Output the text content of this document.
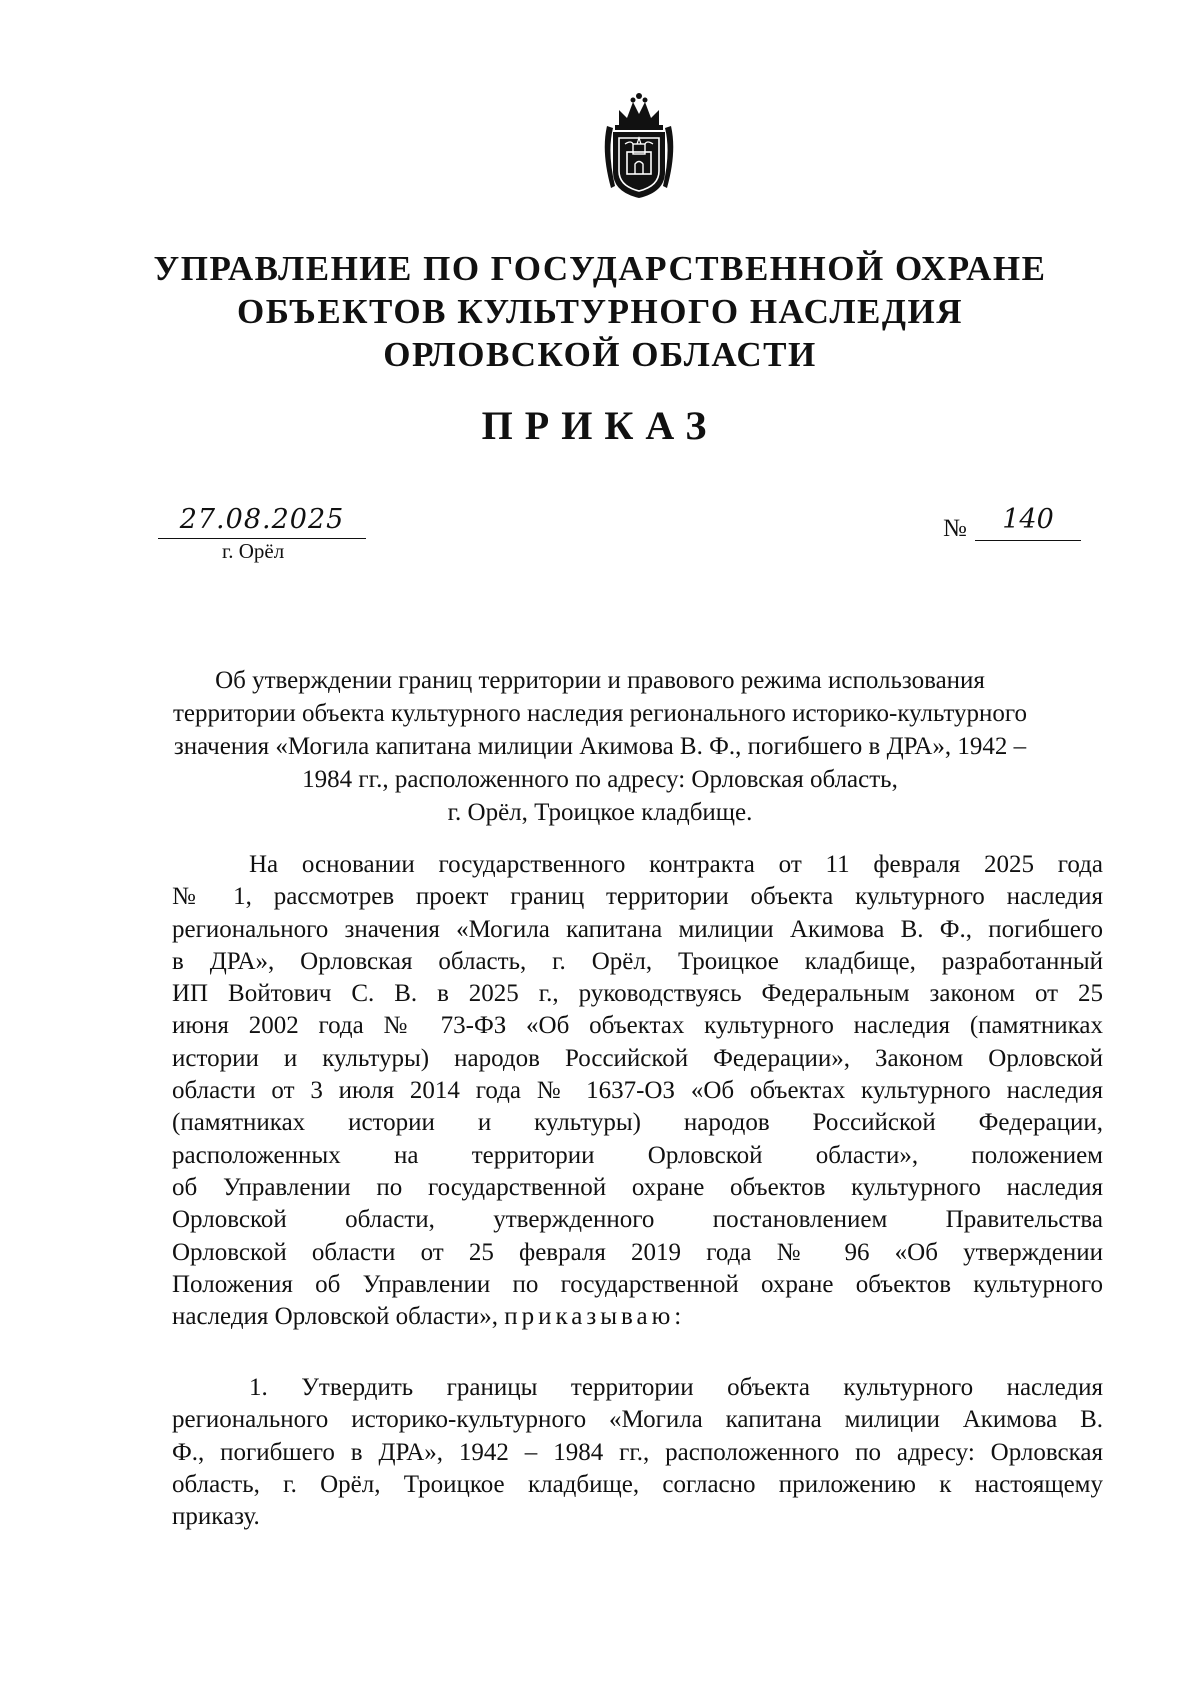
УПРАВЛЕНИЕ ПО ГОСУДАРСТВЕННОЙ ОХРАНЕ
ОБЪЕКТОВ КУЛЬТУРНОГО НАСЛЕДИЯ
ОРЛОВСКОЙ ОБЛАСТИ
ПРИКАЗ
27.08.2025
г. Орёл
№	140
Об утверждении границ территории и правового режима использования
территории объекта культурного наследия регионального историко-культурного
значения «Могила капитана милиции Акимова В. Ф., погибшего в ДРА», 1942 –
1984 гг., расположенного по адресу: Орловская область,
г. Орёл, Троицкое кладбище.
На основании государственного контракта от 11 февраля 2025 года
№ 1, рассмотрев проект границ территории объекта культурного наследия
регионального значения «Могила капитана милиции Акимова В. Ф., погибшего
в ДРА», Орловская область, г. Орёл, Троицкое кладбище, разработанный
ИП Войтович С. В. в 2025 г., руководствуясь Федеральным законом от 25
июня 2002 года № 73-ФЗ «Об объектах культурного наследия (памятниках
истории и культуры) народов Российской Федерации», Законом Орловской
области от 3 июля 2014 года № 1637-ОЗ «Об объектах культурного наследия
(памятниках истории и культуры) народов Российской Федерации,
расположенных на территории Орловской области», положением
об Управлении по государственной охране объектов культурного наследия
Орловской области, утвержденного постановлением Правительства
Орловской области от 25 февраля 2019 года № 96 «Об утверждении
Положения об Управлении по государственной охране объектов культурного
наследия Орловской области», приказываю:
1. Утвердить границы территории объекта культурного наследия
регионального историко-культурного «Могила капитана милиции Акимова В.
Ф., погибшего в ДРА», 1942 – 1984 гг., расположенного по адресу: Орловская
область, г. Орёл, Троицкое кладбище, согласно приложению к настоящему
приказу.
